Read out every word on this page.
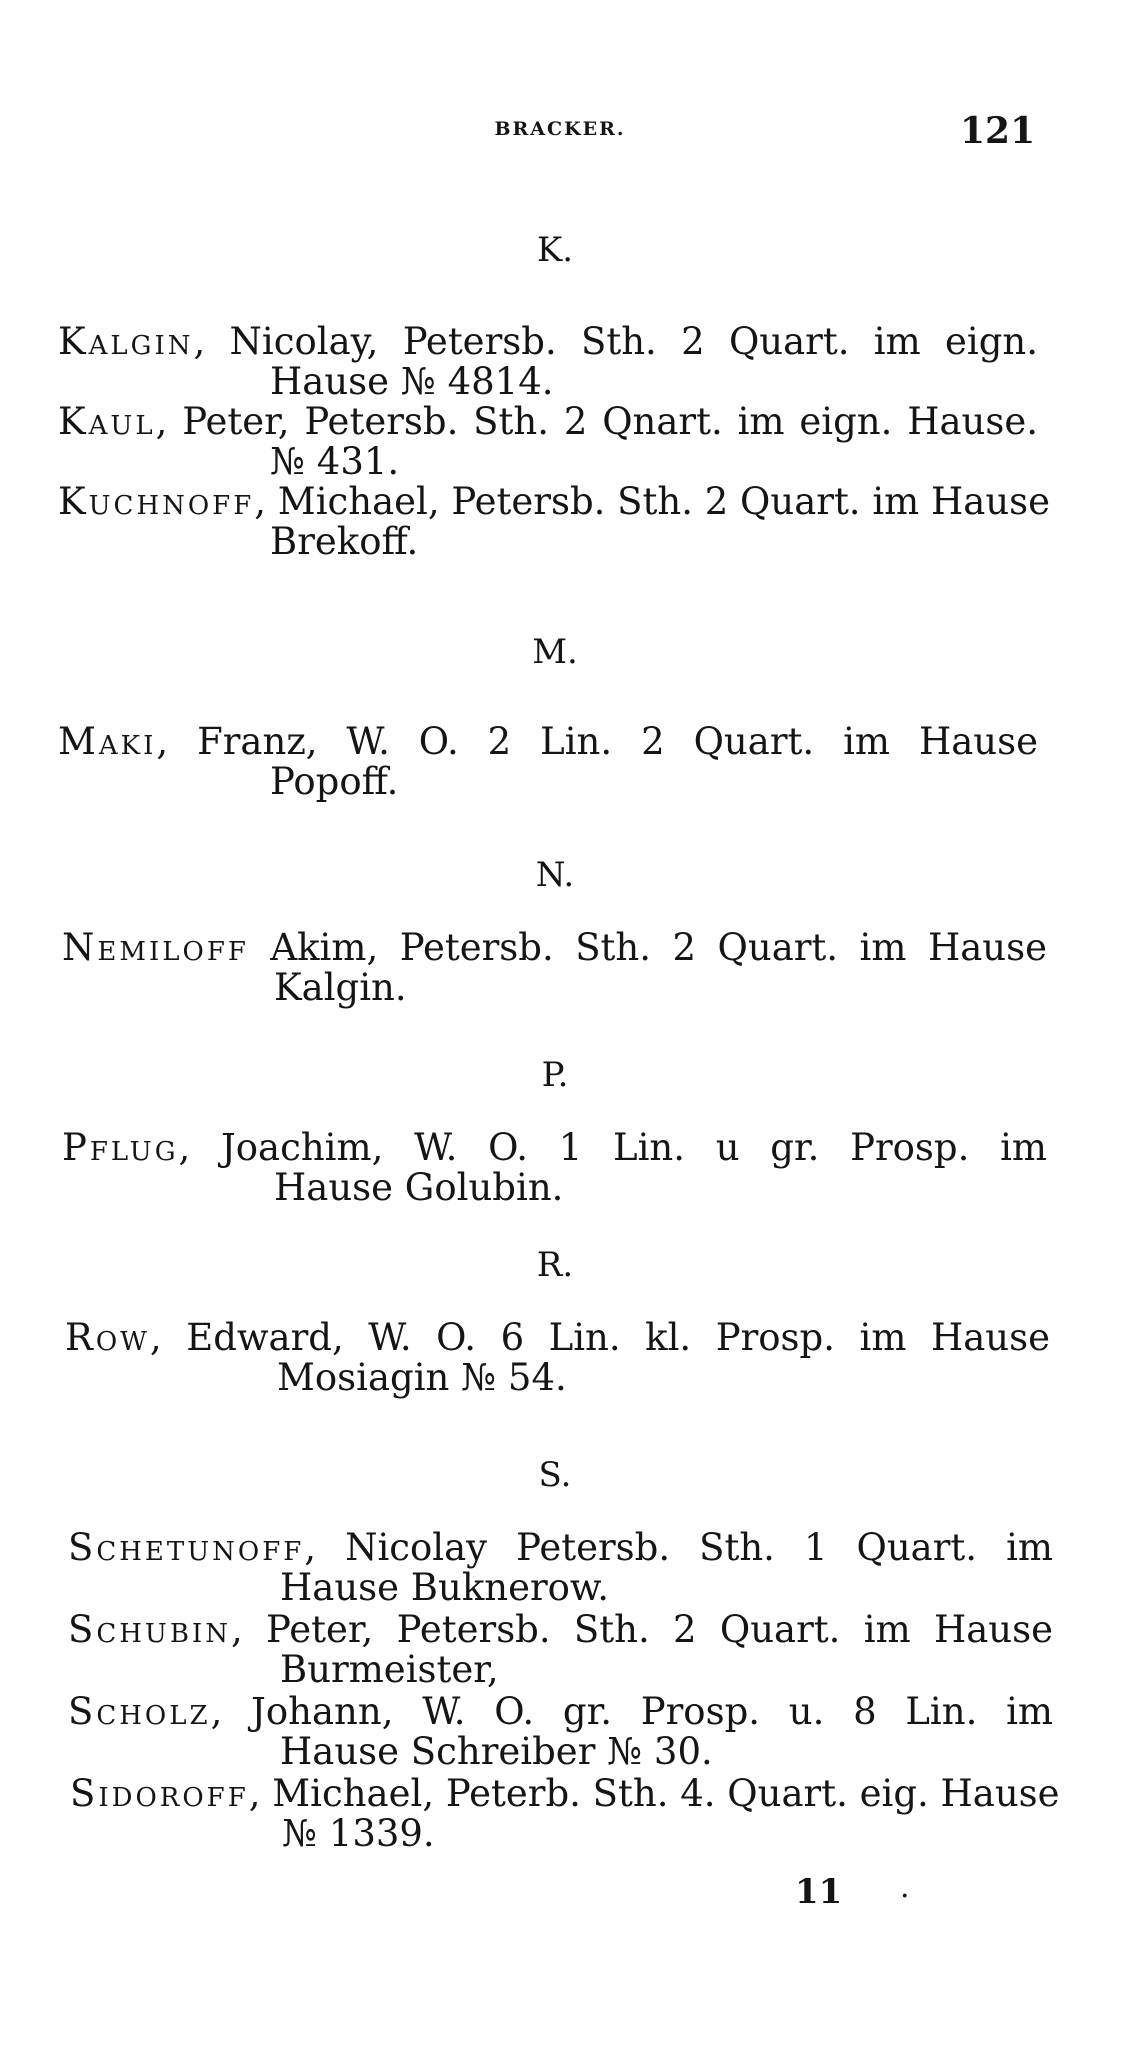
BRACKER.	121
K.
Kalgin, Nicolay, Petersb. Sth. 2 Quart. im eign.
Hause № 4814.
Kaul, Peter, Petersb. Sth. 2 Qnart. im eign. Hause.
№ 431.
Kuchnoff, Michael, Petersb. Sth. 2 Quart. im Hause
Brekoff.
M.
Maki, Franz, W. O. 2 Lin. 2 Quart. im Hause
Popoff.
N.
Nemiloff Akim, Petersb. Sth. 2 Quart. im Hause
Kalgin.
P.
Pflug, Joachim, W. O. 1 Lin. u gr. Prosp. im
Hause Golubin.
R.
Row, Edward, W. O. 6 Lin. kl. Prosp. im Hause
Mosiagin № 54.
S.
Schetunoff, Nicolay Petersb. Sth. 1 Quart. im
Hause Buknerow.
Schubin, Peter, Petersb. Sth. 2 Quart. im Hause
Burmeister,
Scholz, Johann, W. O. gr. Prosp. u. 8 Lin. im
Hause Schreiber № 30.
Sidoroff, Michael, Peterb. Sth. 4. Quart. eig. Hause
№ 1339.
11 .
